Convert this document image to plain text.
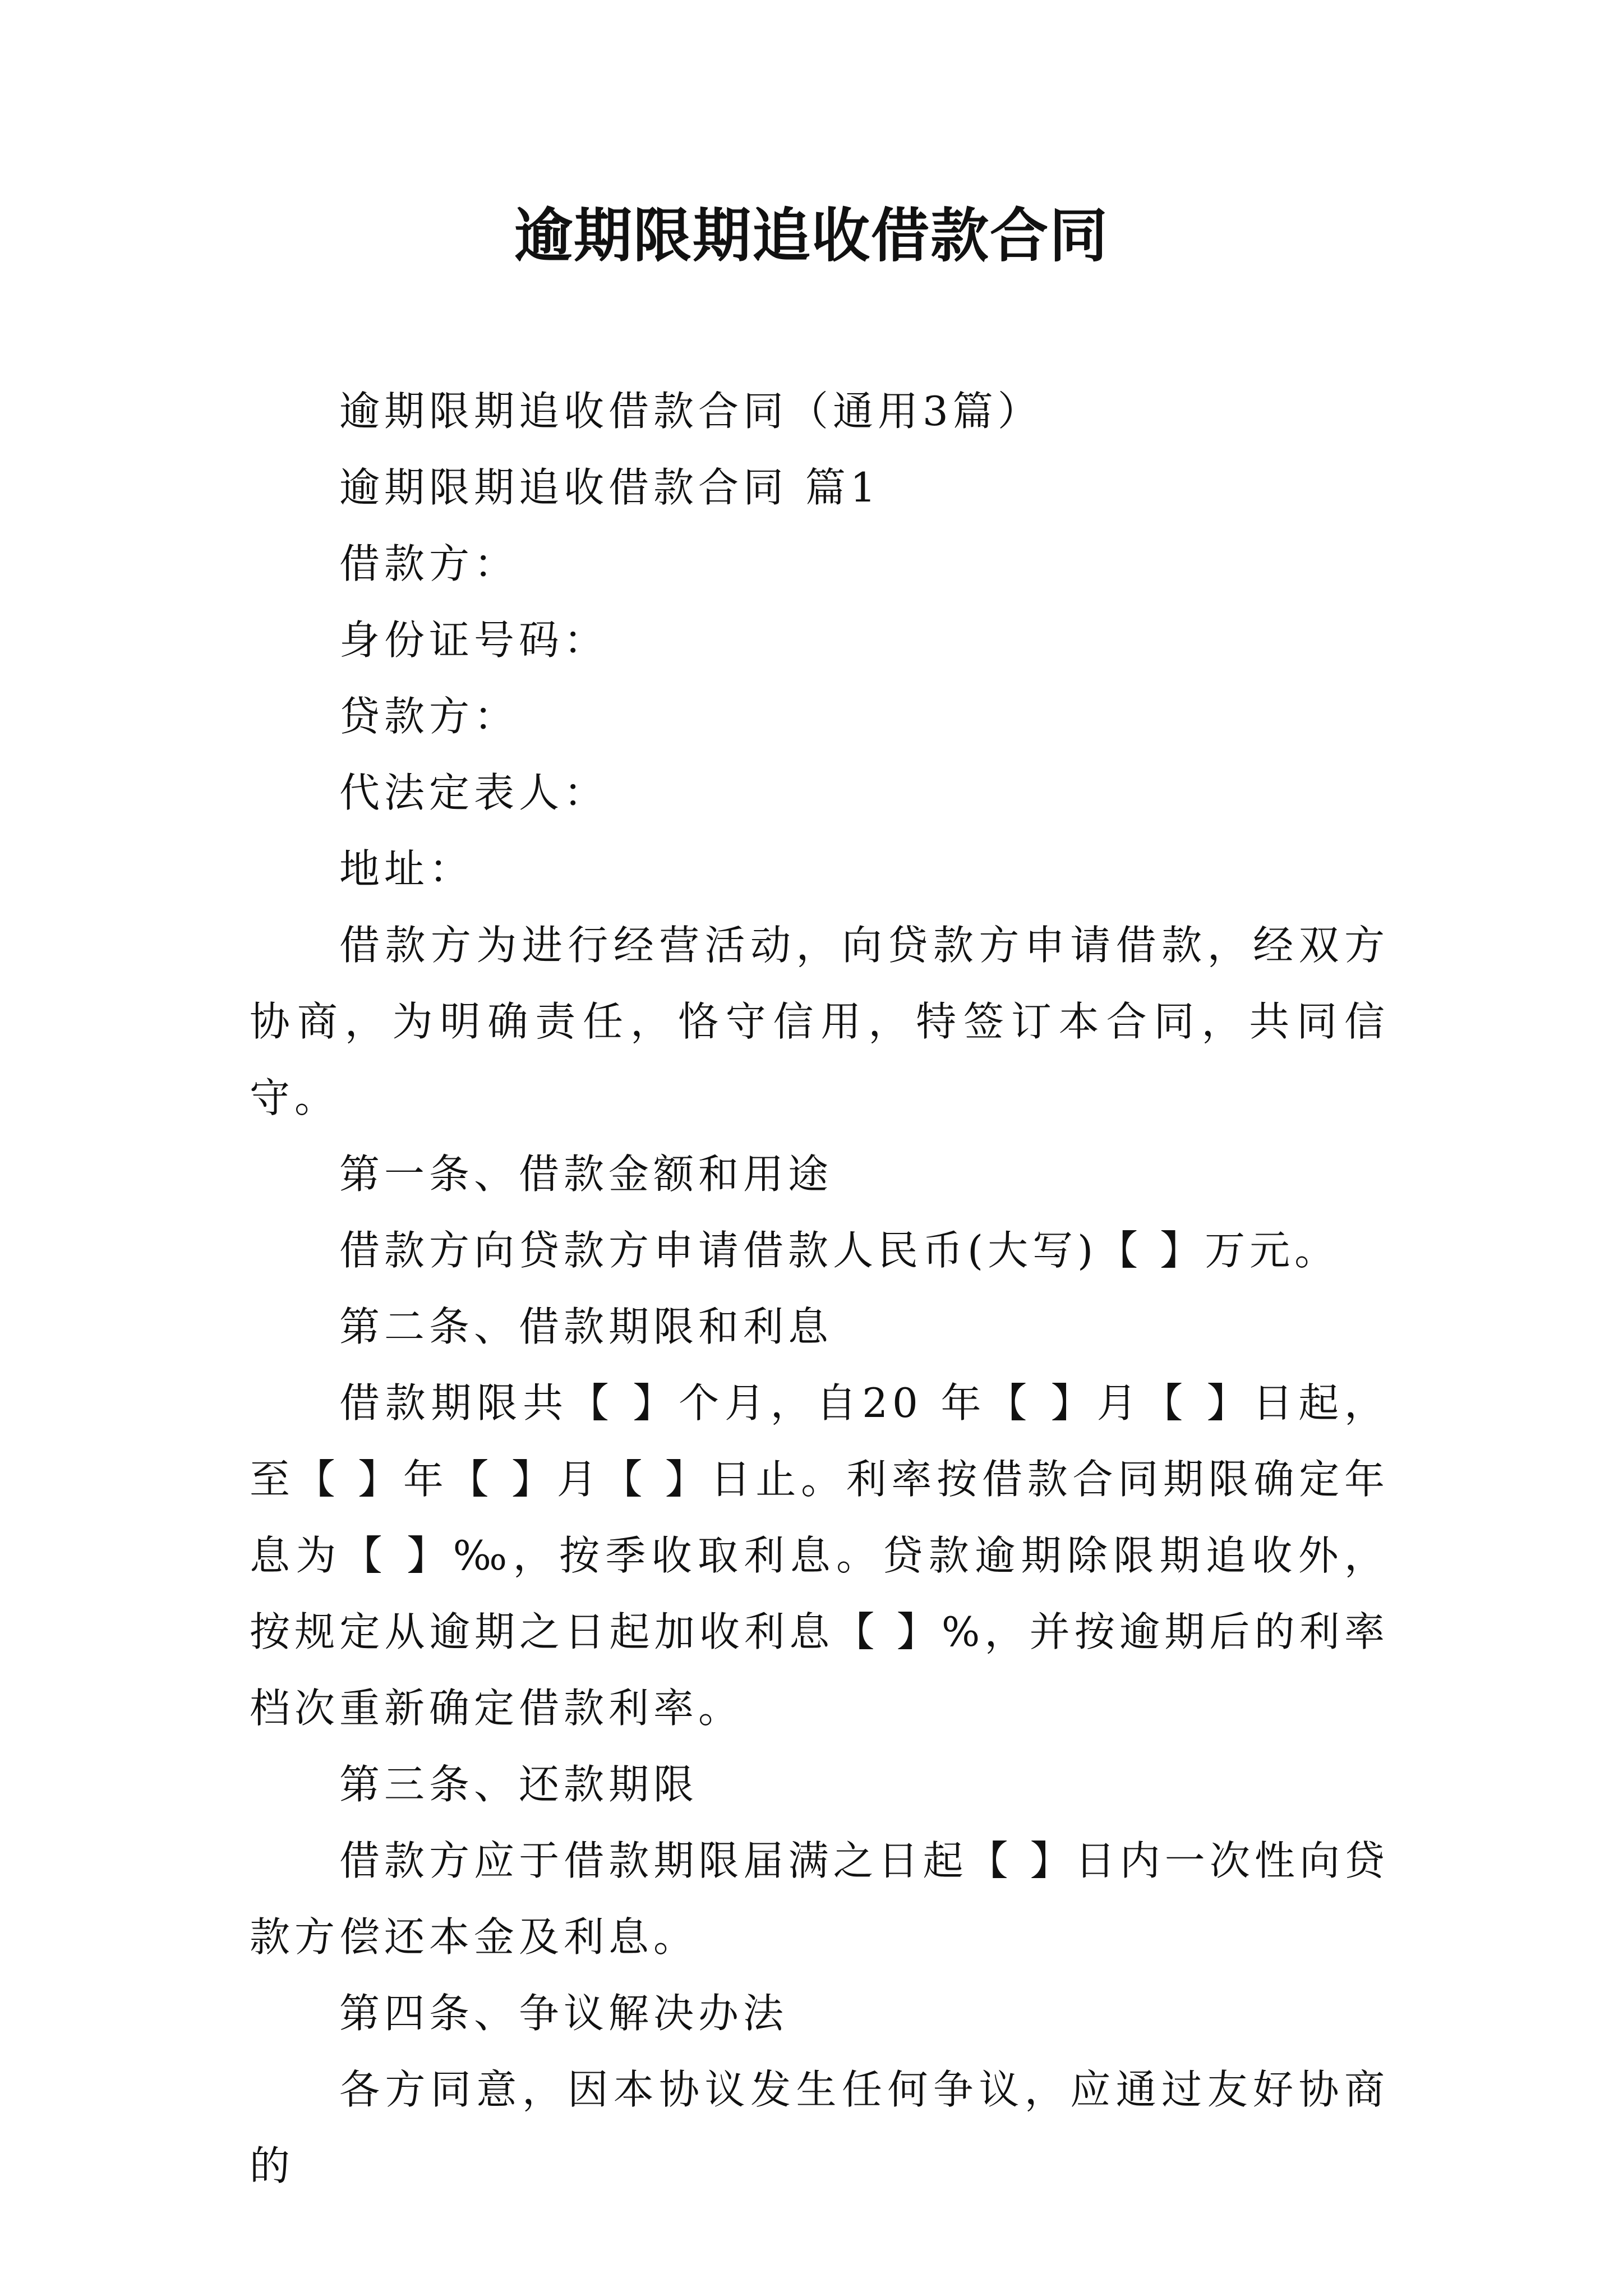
逾期限期追收借款合同

逾期限期追收借款合同（通用3篇）

逾期限期追收借款合同 篇1

借款方：

身份证号码：

贷款方：

代法定表人：

地址：

借款方为进行经营活动，向贷款方申请借款，经双方协商，为明确责任，恪守信用，特签订本合同，共同信守。

第一条、借款金额和用途

借款方向贷款方申请借款人民币(大写)【 】万元。

第二条、借款期限和利息

借款期限共【 】个月，自20 年【 】月【 】日起，至【 】年【 】月【 】日止。利率按借款合同期限确定年息为【 】‰，按季收取利息。贷款逾期除限期追收外，按规定从逾期之日起加收利息【 】%，并按逾期后的利率档次重新确定借款利率。

第三条、还款期限

借款方应于借款期限届满之日起【 】日内一次性向贷款方偿还本金及利息。

第四条、争议解决办法

各方同意，因本协议发生任何争议，应通过友好协商的
